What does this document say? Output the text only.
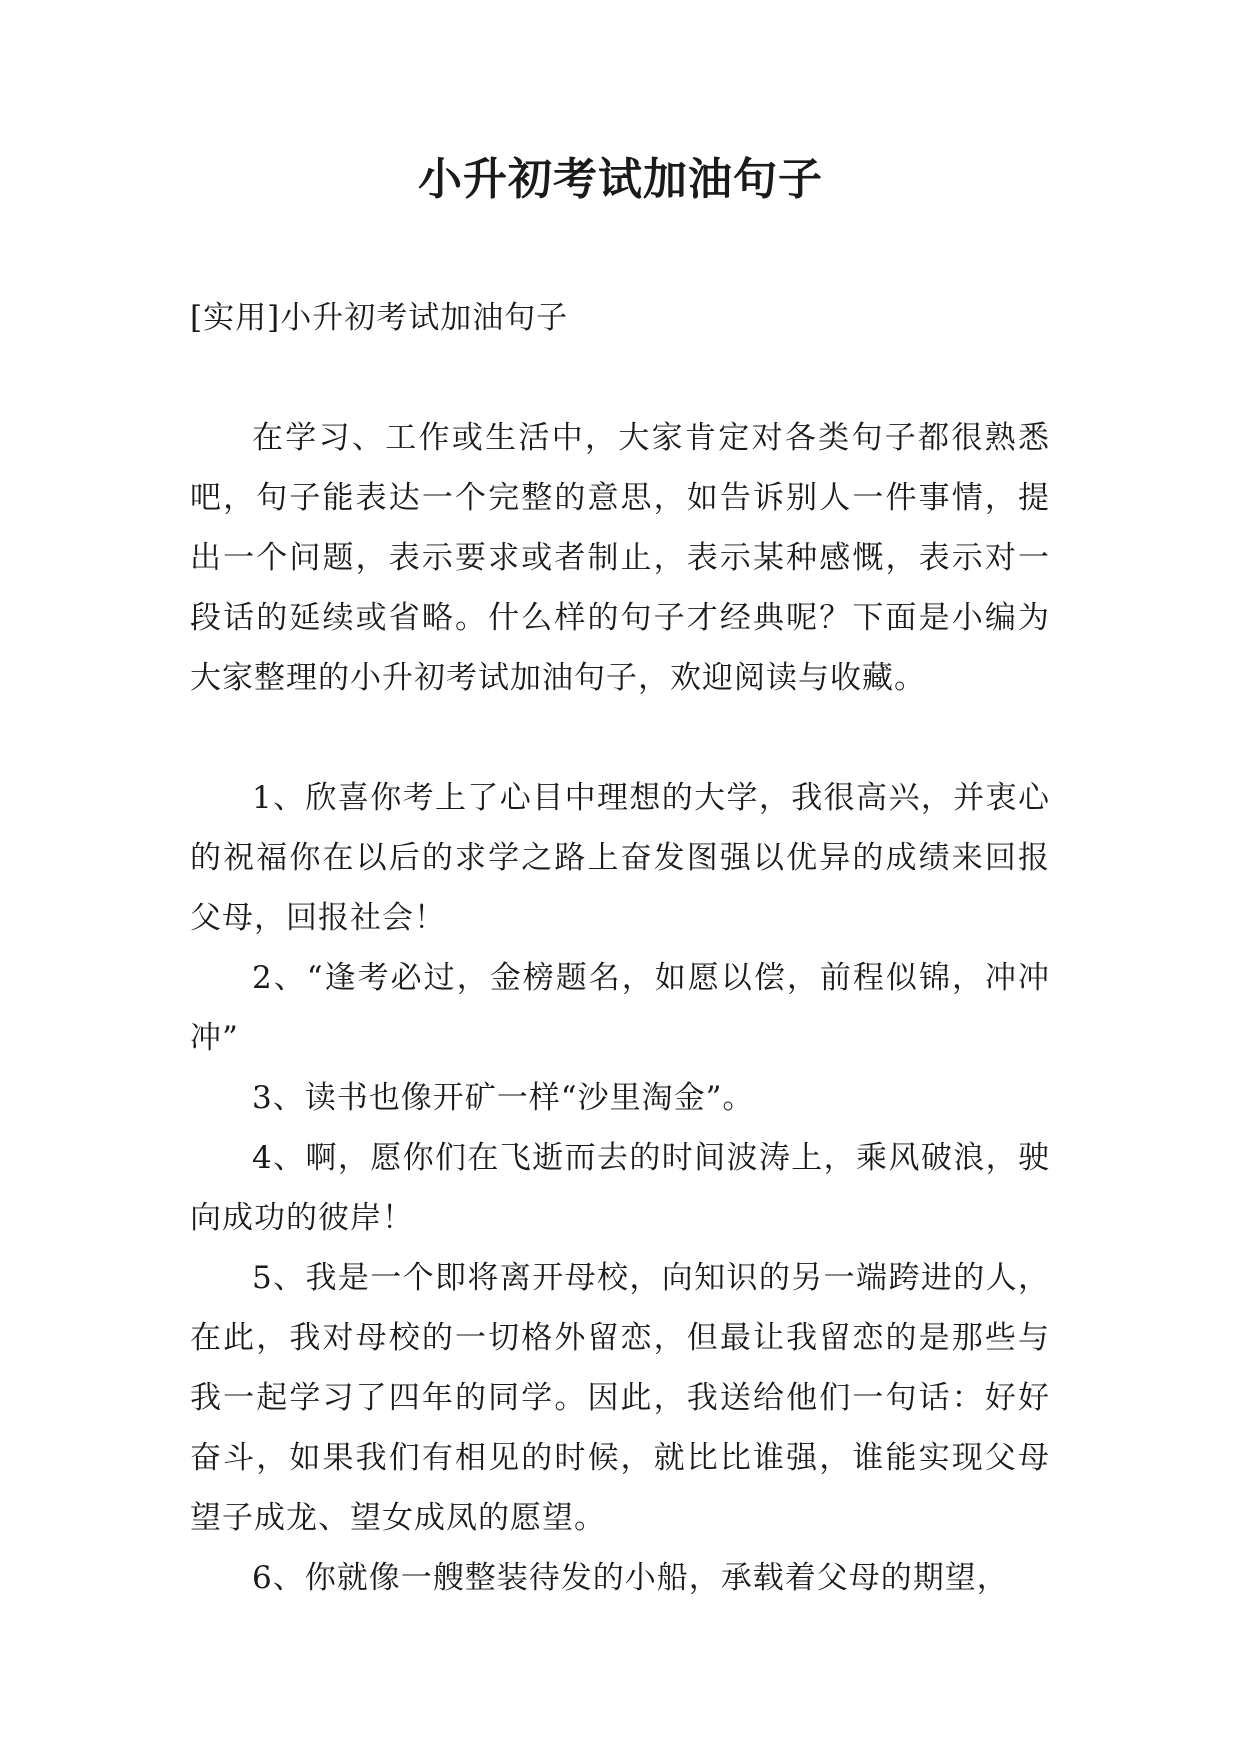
小升初考试加油句子

[实用]小升初考试加油句子

在学习、工作或生活中，大家肯定对各类句子都很熟悉吧，句子能表达一个完整的意思，如告诉别人一件事情，提出一个问题，表示要求或者制止，表示某种感慨，表示对一段话的延续或省略。什么样的句子才经典呢？下面是小编为大家整理的小升初考试加油句子，欢迎阅读与收藏。

1、欣喜你考上了心目中理想的大学，我很高兴，并衷心的祝福你在以后的求学之路上奋发图强以优异的成绩来回报父母，回报社会！

2、“逢考必过，金榜题名，如愿以偿，前程似锦，冲冲冲”

3、读书也像开矿一样“沙里淘金”。

4、啊，愿你们在飞逝而去的时间波涛上，乘风破浪，驶向成功的彼岸！

5、我是一个即将离开母校，向知识的另一端跨进的人，在此，我对母校的一切格外留恋，但最让我留恋的是那些与我一起学习了四年的同学。因此，我送给他们一句话：好好奋斗，如果我们有相见的时候，就比比谁强，谁能实现父母望子成龙、望女成凤的愿望。

6、你就像一艘整装待发的小船，承载着父母的期望，
